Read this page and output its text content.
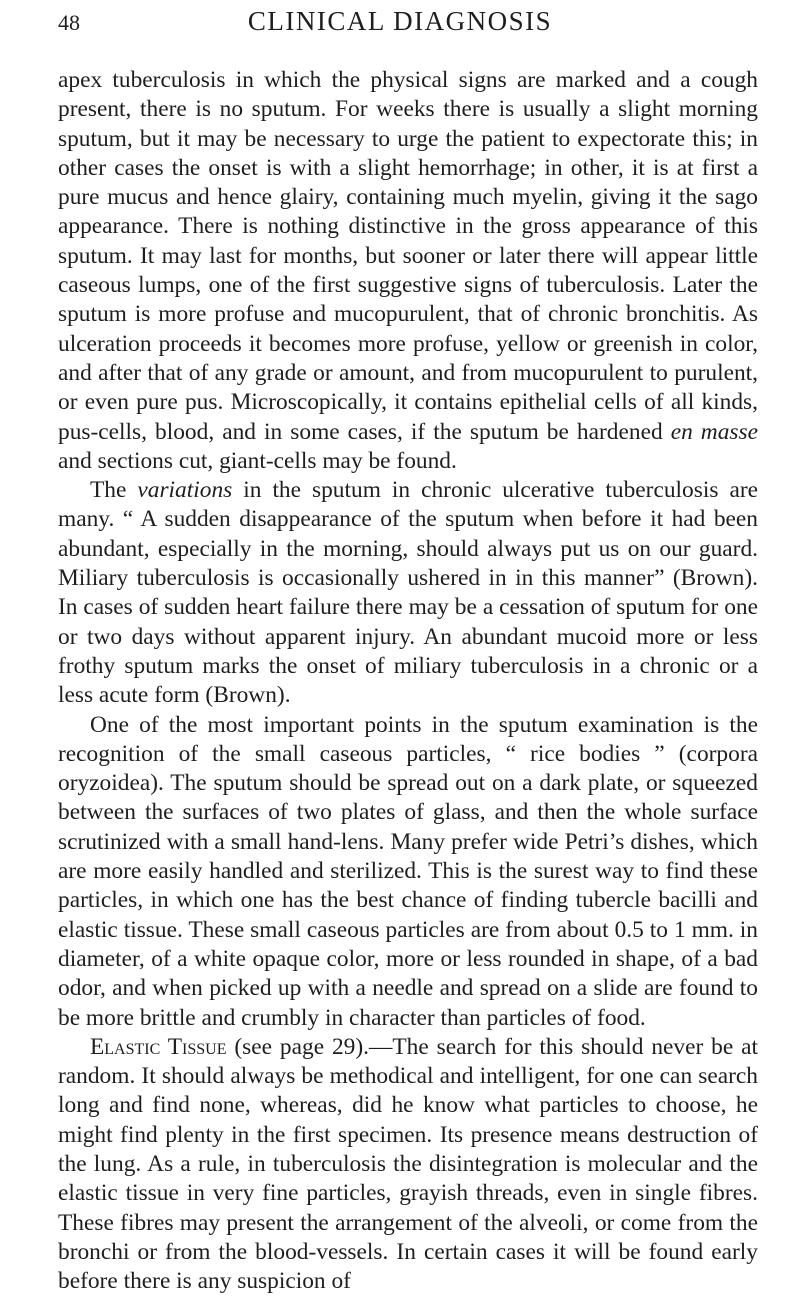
48	CLINICAL DIAGNOSIS

apex tuberculosis in which the physical signs are marked and a cough present, there is no sputum. For weeks there is usually a slight morning sputum, but it may be necessary to urge the patient to expectorate this; in other cases the onset is with a slight hemorrhage; in other, it is at first a pure mucus and hence glairy, containing much myelin, giving it the sago appearance. There is nothing distinctive in the gross appearance of this sputum. It may last for months, but sooner or later there will appear little caseous lumps, one of the first suggestive signs of tuberculosis. Later the sputum is more profuse and mucopurulent, that of chronic bronchitis. As ulceration proceeds it becomes more profuse, yellow or greenish in color, and after that of any grade or amount, and from mucopurulent to purulent, or even pure pus. Microscopically, it contains epithelial cells of all kinds, pus-cells, blood, and in some cases, if the sputum be hardened en masse and sections cut, giant-cells may be found.

The variations in the sputum in chronic ulcerative tuberculosis are many. “ A sudden disappearance of the sputum when before it had been abundant, especially in the morning, should always put us on our guard. Miliary tuberculosis is occasionally ushered in in this manner” (Brown). In cases of sudden heart failure there may be a cessation of sputum for one or two days without apparent injury. An abundant mucoid more or less frothy sputum marks the onset of miliary tuberculosis in a chronic or a less acute form (Brown).

One of the most important points in the sputum examination is the recognition of the small caseous particles, “ rice bodies ” (corpora oryzoidea). The sputum should be spread out on a dark plate, or squeezed between the surfaces of two plates of glass, and then the whole surface scrutinized with a small hand-lens. Many prefer wide Petri’s dishes, which are more easily handled and sterilized. This is the surest way to find these particles, in which one has the best chance of finding tubercle bacilli and elastic tissue. These small caseous particles are from about 0.5 to 1 mm. in diameter, of a white opaque color, more or less rounded in shape, of a bad odor, and when picked up with a needle and spread on a slide are found to be more brittle and crumbly in character than particles of food.

Elastic Tissue (see page 29).—The search for this should never be at random. It should always be methodical and intelligent, for one can search long and find none, whereas, did he know what particles to choose, he might find plenty in the first specimen. Its presence means destruction of the lung. As a rule, in tuberculosis the disintegration is molecular and the elastic tissue in very fine particles, grayish threads, even in single fibres. These fibres may present the arrangement of the alveoli, or come from the bronchi or from the blood-vessels. In certain cases it will be found early before there is any suspicion of
